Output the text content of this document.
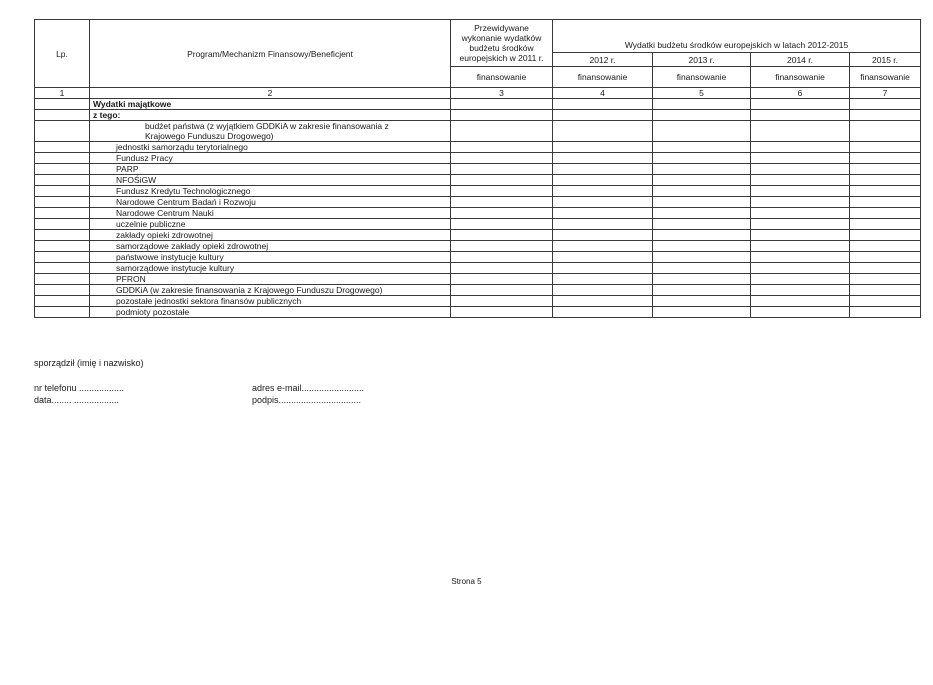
Lp.	Program/Mechanizm Finansowy/Beneficjent	Przewidywane wykonanie wydatków budżetu środków europejskich w 2011 r.	Wydatki budżetu środków europejskich w latach 2012-2015			
			2012 r.	2013 r.	2014 r.	2015 r.
		finansowanie	finansowanie	finansowanie	finansowanie	finansowanie
1	2	3	4	5	6	7
	Wydatki majątkowe					
	z tego:					
	budżet państwa (z wyjątkiem GDDKiA w zakresie finansowania z Krajowego Funduszu Drogowego)					
	jednostki samorządu terytorialnego					
	Fundusz Pracy					
	PARP					
	NFOŚiGW					
	Fundusz Kredytu Technologicznego					
	Narodowe Centrum Badań i Rozwoju					
	Narodowe Centrum Nauki					
	uczelnie publiczne					
	zakłady opieki zdrowotnej					
	samorządowe zakłady opieki zdrowotnej					
	państwowe instytucje kultury					
	samorządowe instytucje kultury					
	PFRON					
	GDDKiA (w zakresie finansowania z Krajowego Funduszu Drogowego)					
	pozostałe jednostki sektora finansów publicznych					
	podmioty pozostałe					
sporządził (imię i nazwisko)
nr telefonu ..................
data........ ..................
adres e-mail.........................
podpis.................................
Strona 5
